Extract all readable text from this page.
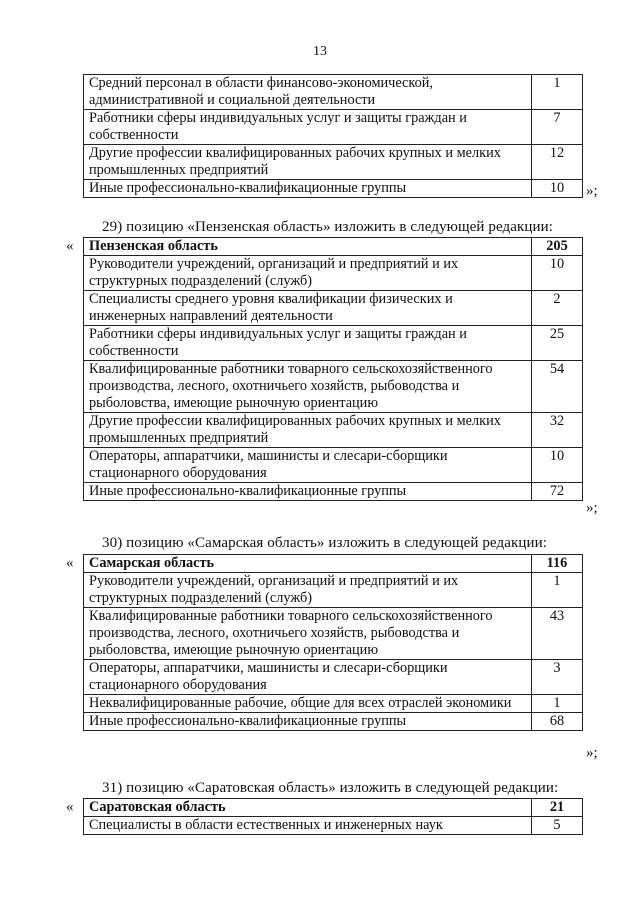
13
Средний персонал в области финансово-экономической, административной и социальной деятельности	1
Работники сферы индивидуальных услуг и защиты граждан и собственности	7
Другие профессии квалифицированных рабочих крупных и мелких промышленных предприятий	12
Иные профессионально-квалификационные группы	10 »;
29) позицию «Пензенская область» изложить в следующей редакции:
« Пензенская область	205
Руководители учреждений, организаций и предприятий и их структурных подразделений (служб)	10
Специалисты среднего уровня квалификации физических и инженерных направлений деятельности	2
Работники сферы индивидуальных услуг и защиты граждан и собственности	25
Квалифицированные работники товарного сельскохозяйственного производства, лесного, охотничьего хозяйств, рыбоводства и рыболовства, имеющие рыночную ориентацию	54
Другие профессии квалифицированных рабочих крупных и мелких промышленных предприятий	32
Операторы, аппаратчики, машинисты и слесари-сборщики стационарного оборудования	10
Иные профессионально-квалификационные группы	72
»;
30) позицию «Самарская область» изложить в следующей редакции:
« Самарская область	116
Руководители учреждений, организаций и предприятий и их структурных подразделений (служб)	1
Квалифицированные работники товарного сельскохозяйственного производства, лесного, охотничьего хозяйств, рыбоводства и рыболовства, имеющие рыночную ориентацию	43
Операторы, аппаратчики, машинисты и слесари-сборщики стационарного оборудования	3
Неквалифицированные рабочие, общие для всех отраслей экономики	1
Иные профессионально-квалификационные группы	68
»;
31) позицию «Саратовская область» изложить в следующей редакции:
« Саратовская область	21
Специалисты в области естественных и инженерных наук	5
